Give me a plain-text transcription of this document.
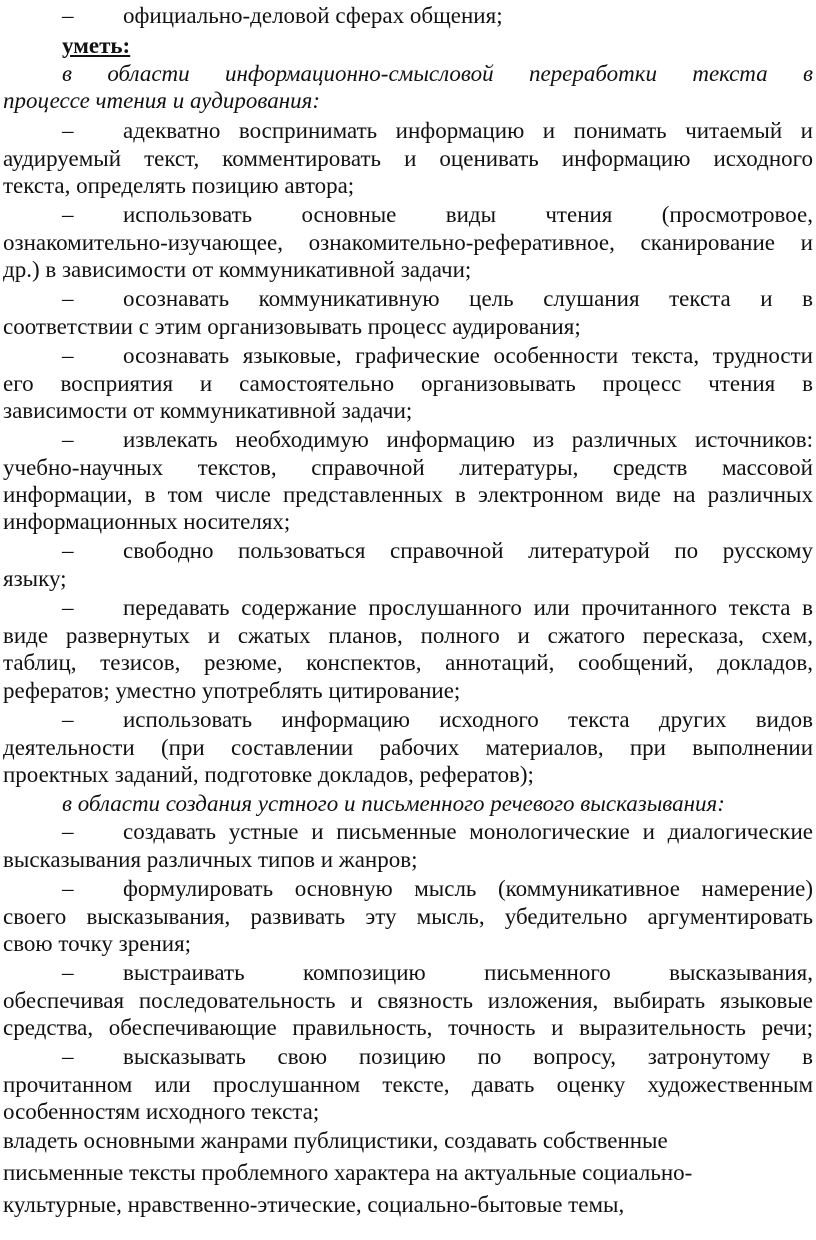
–	официально-деловой сферах общения;
уметь:
в области информационно-смысловой переработки текста в
процессе чтения и аудирования:
–	адекватно воспринимать информацию и понимать читаемый и
аудируемый текст, комментировать и оценивать информацию исходного
текста, определять позицию автора;
–	использовать основные виды чтения (просмотровое,
ознакомительно-изучающее, ознакомительно-реферативное, сканирование и
др.) в зависимости от коммуникативной задачи;
–	осознавать коммуникативную цель слушания текста и в
соответствии с этим организовывать процесс аудирования;
–	осознавать языковые, графические особенности текста, трудности
его восприятия и самостоятельно организовывать процесс чтения в
зависимости от коммуникативной задачи;
–	извлекать необходимую информацию из различных источников:
учебно-научных текстов, справочной литературы, средств массовой
информации, в том числе представленных в электронном виде на различных
информационных носителях;
–	свободно пользоваться справочной литературой по русскому
языку;
–	передавать содержание прослушанного или прочитанного текста в
виде развернутых и сжатых планов, полного и сжатого пересказа, схем,
таблиц, тезисов, резюме, конспектов, аннотаций, сообщений, докладов,
рефератов; уместно употреблять цитирование;
–	использовать информацию исходного текста других видов
деятельности (при составлении рабочих материалов, при выполнении
проектных заданий, подготовке докладов, рефератов);
в области создания устного и письменного речевого высказывания:
–	создавать устные и письменные монологические и диалогические
высказывания различных типов и жанров;
–	формулировать основную мысль (коммуникативное намерение)
своего высказывания, развивать эту мысль, убедительно аргументировать
свою точку зрения;
–	выстраивать композицию письменного высказывания,
обеспечивая последовательность и связность изложения, выбирать языковые
средства, обеспечивающие правильность, точность и выразительность речи;
–	высказывать свою позицию по вопросу, затронутому в
прочитанном или прослушанном тексте, давать оценку художественным
особенностям исходного текста;
владеть основными жанрами публицистики, создавать собственные
письменные тексты проблемного характера на актуальные социально-
культурные, нравственно-этические, социально-бытовые темы,
